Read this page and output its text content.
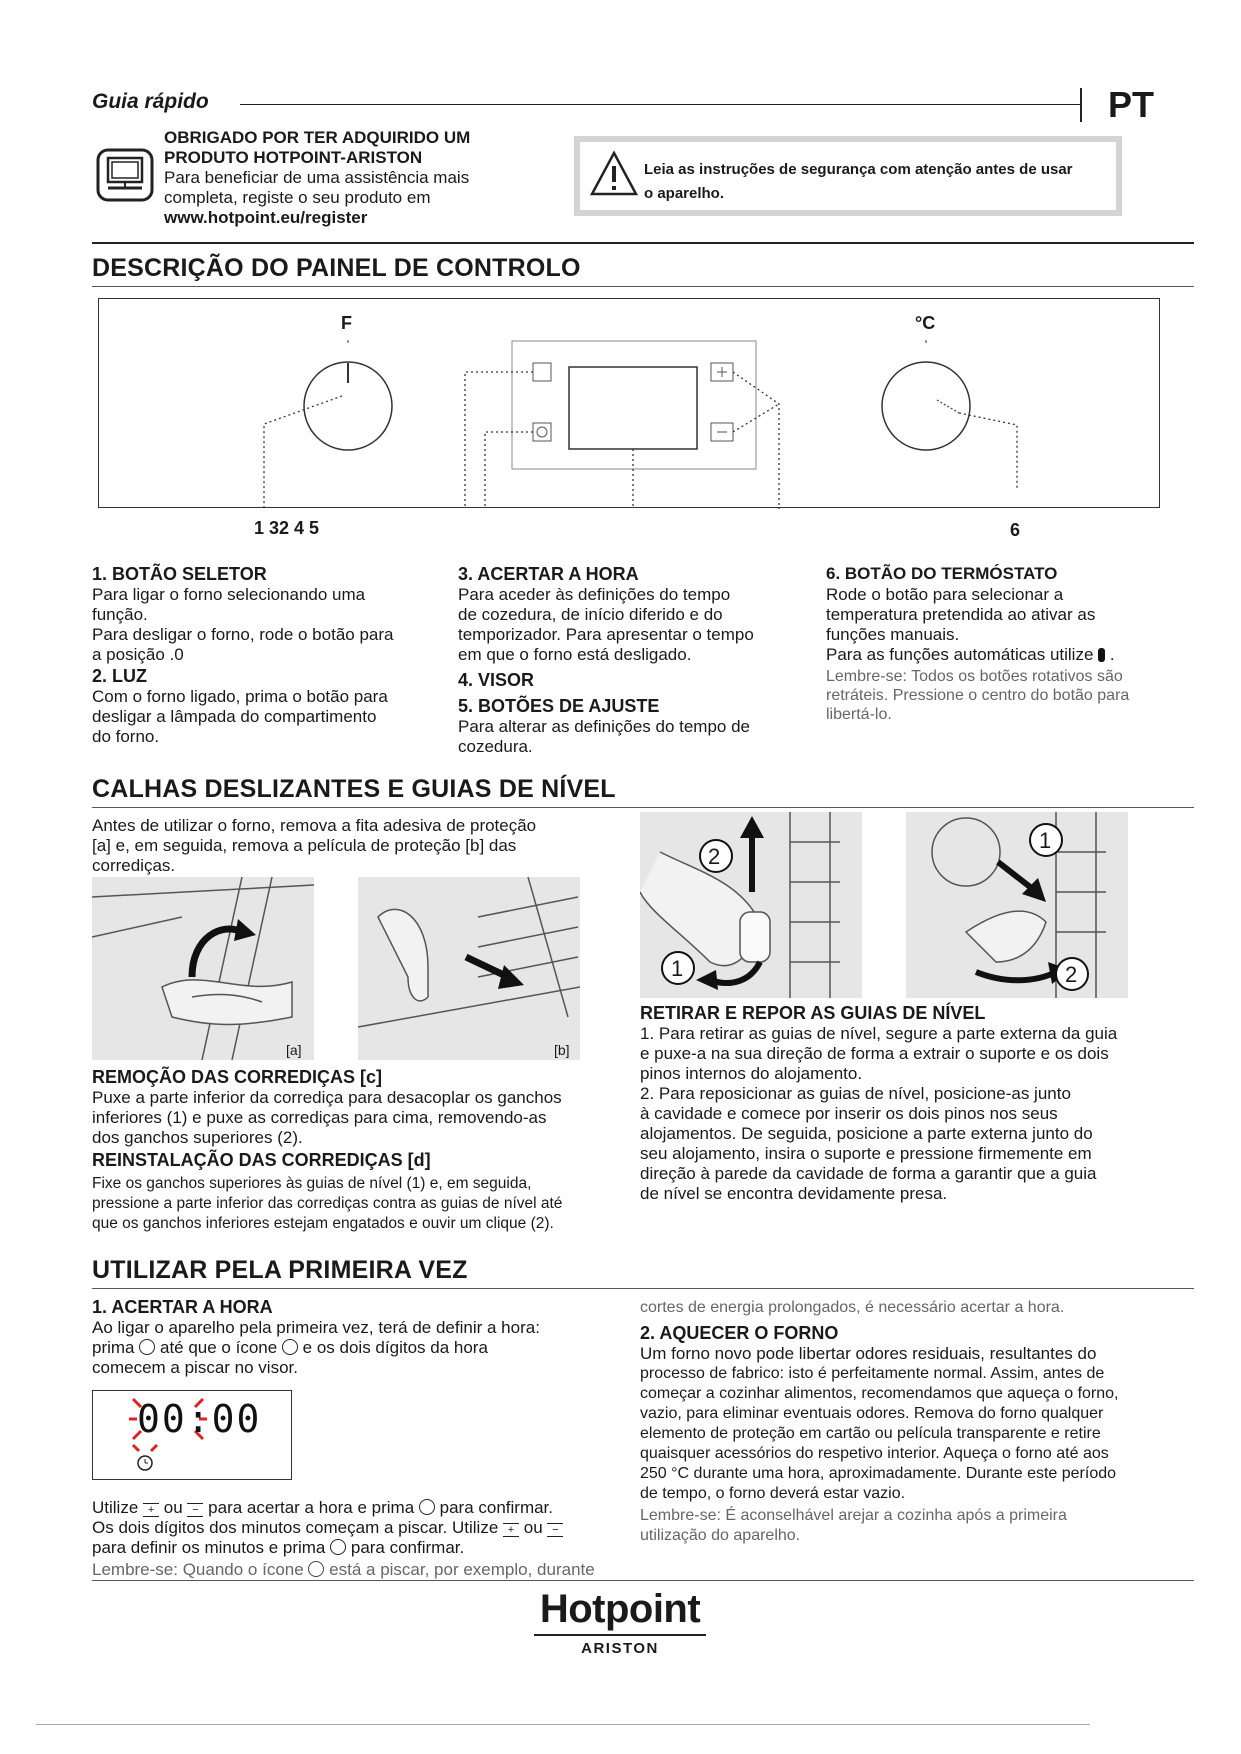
Guia rápido	PT

OBRIGADO POR TER ADQUIRIDO UM

PRODUTO HOTPOINT-ARISTON

Para beneficiar de uma assistência mais

completa, registe o seu produto em

www.hotpoint.eu/register

Leia as instruções de segurança com atenção antes de usar

o aparelho.

DESCRIÇÃO DO PAINEL DE CONTROLO
F	°C
1 32 4 5	6

1. BOTÃO SELETOR

Para ligar o forno selecionando uma

função.

Para desligar o forno, rode o botão para

a posição .0

2. LUZ

Com o forno ligado, prima o botão para

desligar a lâmpada do compartimento

do forno.

3. ACERTAR A HORA

Para aceder às definições do tempo

de cozedura, de início diferido e do

temporizador. Para apresentar o tempo

em que o forno está desligado.

4. VISOR

5. BOTÕES DE AJUSTE

Para alterar as definições do tempo de

cozedura.

6. BOTÃO DO TERMÓSTATO

Rode o botão para selecionar a

temperatura pretendida ao ativar as

funções manuais.

Para as funções automáticas utilize  .

Lembre-se: Todos os botões rotativos são

retráteis. Pressione o centro do botão para

libertá-lo.

CALHAS DESLIZANTES E GUIAS DE NÍVEL

Antes de utilizar o forno, remova a fita adesiva de proteção

[a] e, em seguida, remova a película de proteção [b] das

corrediças.

[a]	[b]

REMOÇÃO DAS CORREDIÇAS [c]

Puxe a parte inferior da corrediça para desacoplar os ganchos

inferiores (1) e puxe as corrediças para cima, removendo-as

dos ganchos superiores (2).

REINSTALAÇÃO DAS CORREDIÇAS [d]

Fixe os ganchos superiores às guias de nível (1) e, em seguida,

pressione a parte inferior das corrediças contra as guias de nível até

que os ganchos inferiores estejam engatados e ouvir um clique (2).

2
1
1
2

RETIRAR E REPOR AS GUIAS DE NÍVEL

1. Para retirar as guias de nível, segure a parte externa da guia

e puxe-a na sua direção de forma a extrair o suporte e os dois

pinos internos do alojamento.

2. Para reposicionar as guias de nível, posicione-as junto

à cavidade e comece por inserir os dois pinos nos seus

alojamentos. De seguida, posicione a parte externa junto do

seu alojamento, insira o suporte e pressione firmemente em

direção à parede da cavidade de forma a garantir que a guia

de nível se encontra devidamente presa.

UTILIZAR PELA PRIMEIRA VEZ

1. ACERTAR A HORA

Ao ligar o aparelho pela primeira vez, terá de definir a hora:

prima até que o ícone e os dois dígitos da hora

comecem a piscar no visor.

00:00

Utilize + ou − para acertar a hora e prima para confirmar.

Os dois dígitos dos minutos começam a piscar. Utilize + ou −

para definir os minutos e prima para confirmar.

Lembre-se: Quando o ícone está a piscar, por exemplo, durante

cortes de energia prolongados, é necessário acertar a hora.

2. AQUECER O FORNO

Um forno novo pode libertar odores residuais, resultantes do

processo de fabrico: isto é perfeitamente normal. Assim, antes de

começar a cozinhar alimentos, recomendamos que aqueça o forno,

vazio, para eliminar eventuais odores. Remova do forno qualquer

elemento de proteção em cartão ou película transparente e retire

quaisquer acessórios do respetivo interior. Aqueça o forno até aos

250 °C durante uma hora, aproximadamente. Durante este período

de tempo, o forno deverá estar vazio.

Lembre-se: É aconselhável arejar a cozinha após a primeira

utilização do aparelho.

Hotpoint
ARISTON
